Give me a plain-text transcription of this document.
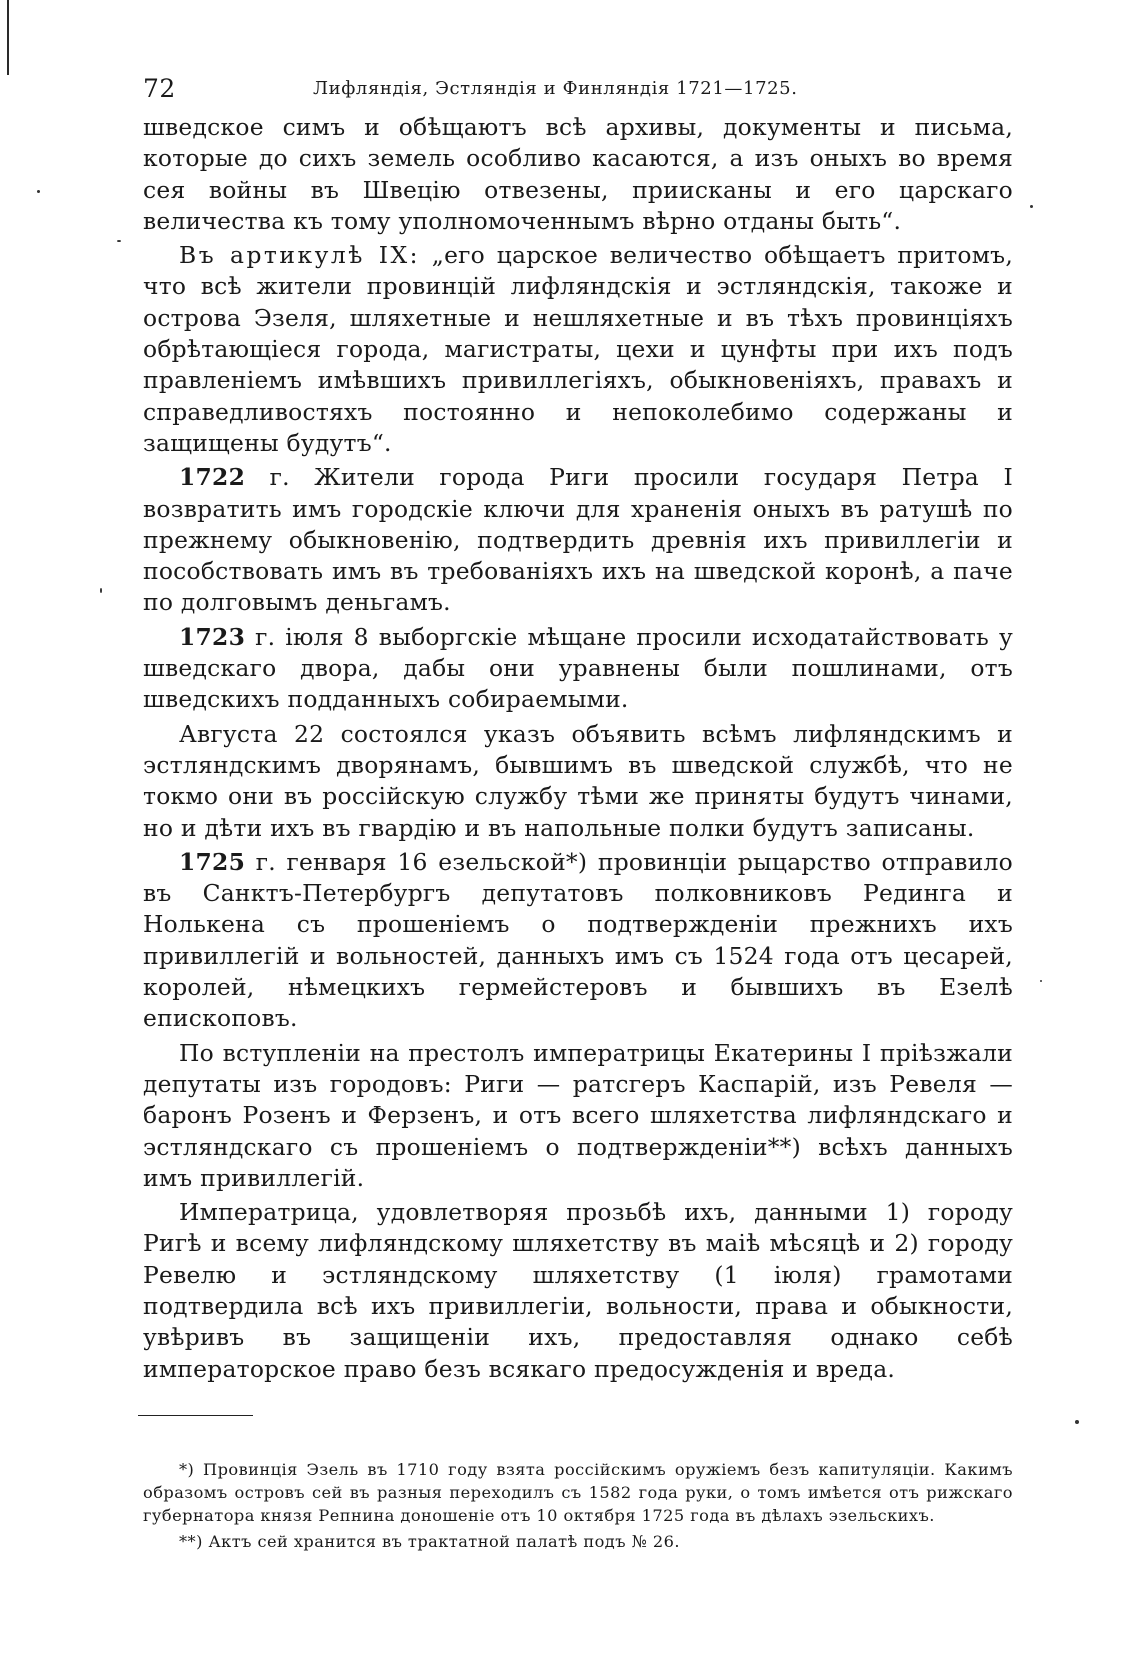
72	Лифляндія, Эстляндія и Финляндія 1721—1725.

шведское симъ и обѣщаютъ всѣ архивы, документы и письма, которые до сихъ земель особливо касаются, а изъ оныхъ во время сея войны въ Швецію отвезены, приисканы и его царскаго величества къ тому уполномоченнымъ вѣрно отданы быть“.

Въ артикулѣ IX: „его царское величество обѣщаетъ притомъ, что всѣ жители провинцій лифляндскія и эстляндскія, такоже и острова Эзеля, шляхетные и нешляхетные и въ тѣхъ провинціяхъ обрѣтающіеся города, магистраты, цехи и цунфты при ихъ подъ правленіемъ имѣвшихъ привиллегіяхъ, обыкновеніяхъ, правахъ и справедливостяхъ постоянно и непоколебимо содержаны и защищены будутъ“.

1722 г. Жители города Риги просили государя Петра I возвратить имъ городскіе ключи для храненія оныхъ въ ратушѣ по прежнему обыкновенію, подтвердить древнія ихъ привиллегіи и пособствовать имъ въ требованіяхъ ихъ на шведской коронѣ, а паче по долговымъ деньгамъ.

1723 г. іюля 8 выборгскіе мѣщане просили исходатайствовать у шведскаго двора, дабы они уравнены были пошлинами, отъ шведскихъ подданныхъ собираемыми.

Августа 22 состоялся указъ объявить всѣмъ лифляндскимъ и эстляндскимъ дворянамъ, бывшимъ въ шведской службѣ, что не токмо они въ россійскую службу тѣми же приняты будутъ чинами, но и дѣти ихъ въ гвардію и въ напольные полки будутъ записаны.

1725 г. генваря 16 езельской*) провинціи рыцарство отправило въ Санктъ-Петербургъ депутатовъ полковниковъ Рединга и Нолькена съ прошеніемъ о подтвержденіи прежнихъ ихъ привиллегій и вольностей, данныхъ имъ съ 1524 года отъ цесарей, королей, нѣмецкихъ гермейстеровъ и бывшихъ въ Езелѣ епископовъ.

По вступленіи на престолъ императрицы Екатерины I пріѣзжали депутаты изъ городовъ: Риги — ратсгеръ Каспарій, изъ Ревеля — баронъ Розенъ и Ферзенъ, и отъ всего шляхетства лифляндскаго и эстляндскаго съ прошеніемъ о подтвержденіи**) всѣхъ данныхъ имъ привиллегій.

Императрица, удовлетворяя прозьбѣ ихъ, данными 1) городу Ригѣ и всему лифляндскому шляхетству въ маіѣ мѣсяцѣ и 2) городу Ревелю и эстляндскому шляхетству (1 іюля) грамотами подтвердила всѣ ихъ привиллегіи, вольности, права и обыкности, увѣривъ въ защищеніи ихъ, предоставляя однако себѣ императорское право безъ всякаго предосужденія и вреда.

*) Провинція Эзель въ 1710 году взята россійскимъ оружіемъ безъ капитуляціи. Какимъ образомъ островъ сей въ разныя переходилъ съ 1582 года руки, о томъ имѣется отъ рижскаго губернатора князя Репнина доношеніе отъ 10 октября 1725 года въ дѣлахъ эзельскихъ.

**) Актъ сей хранится въ трактатной палатѣ подъ № 26.
